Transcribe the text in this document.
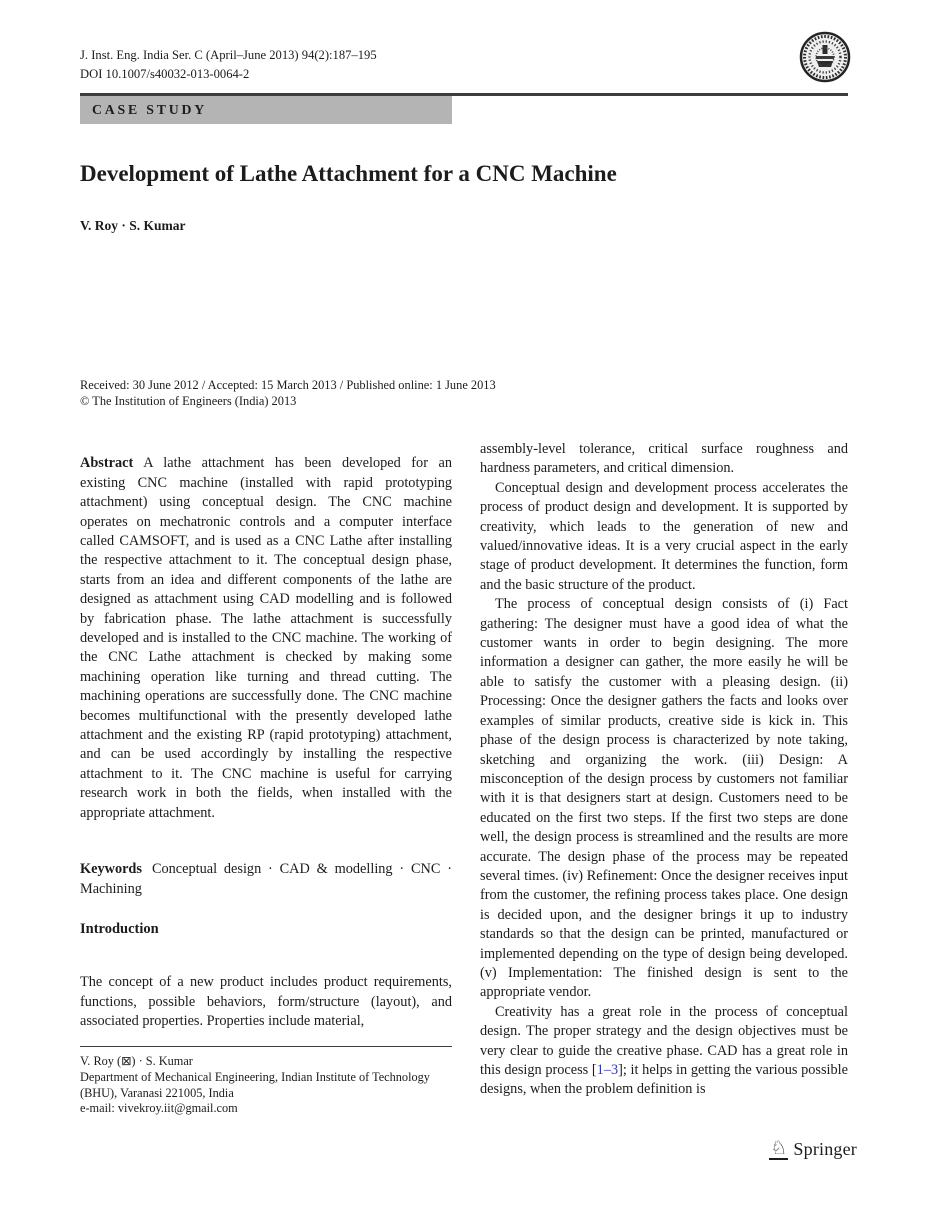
J. Inst. Eng. India Ser. C (April–June 2013) 94(2):187–195
DOI 10.1007/s40032-013-0064-2
CASE STUDY
Development of Lathe Attachment for a CNC Machine
V. Roy · S. Kumar
Received: 30 June 2012 / Accepted: 15 March 2013 / Published online: 1 June 2013
© The Institution of Engineers (India) 2013

Abstract A lathe attachment has been developed for an existing CNC machine (installed with rapid prototyping attachment) using conceptual design. The CNC machine operates on mechatronic controls and a computer interface called CAMSOFT, and is used as a CNC Lathe after installing the respective attachment to it. The conceptual design phase, starts from an idea and different components of the lathe are designed as attachment using CAD modelling and is followed by fabrication phase. The lathe attachment is successfully developed and is installed to the CNC machine. The working of the CNC Lathe attachment is checked by making some machining operation like turning and thread cutting. The machining operations are successfully done. The CNC machine becomes multifunctional with the presently developed lathe attachment and the existing RP (rapid prototyping) attachment, and can be used accordingly by installing the respective attachment to it. The CNC machine is useful for carrying research work in both the fields, when installed with the appropriate attachment.

Keywords Conceptual design · CAD & modelling · CNC · Machining

Introduction

The concept of a new product includes product requirements, functions, possible behaviors, form/structure (layout), and associated properties. Properties include material,

V. Roy (⊠) · S. Kumar
Department of Mechanical Engineering, Indian Institute of Technology (BHU), Varanasi 221005, India
e-mail: vivekroy.iit@gmail.com

assembly-level tolerance, critical surface roughness and hardness parameters, and critical dimension.

Conceptual design and development process accelerates the process of product design and development. It is supported by creativity, which leads to the generation of new and valued/innovative ideas. It is a very crucial aspect in the early stage of product development. It determines the function, form and the basic structure of the product.

The process of conceptual design consists of (i) Fact gathering: The designer must have a good idea of what the customer wants in order to begin designing. The more information a designer can gather, the more easily he will be able to satisfy the customer with a pleasing design. (ii) Processing: Once the designer gathers the facts and looks over examples of similar products, creative side is kick in. This phase of the design process is characterized by note taking, sketching and organizing the work. (iii) Design: A misconception of the design process by customers not familiar with it is that designers start at design. Customers need to be educated on the first two steps. If the first two steps are done well, the design process is streamlined and the results are more accurate. The design phase of the process may be repeated several times. (iv) Refinement: Once the designer receives input from the customer, the refining process takes place. One design is decided upon, and the designer brings it up to industry standards so that the design can be printed, manufactured or implemented depending on the type of design being developed. (v) Implementation: The finished design is sent to the appropriate vendor.

Creativity has a great role in the process of conceptual design. The proper strategy and the design objectives must be very clear to guide the creative phase. CAD has a great role in this design process [1–3]; it helps in getting the various possible designs, when the problem definition is

♘ Springer
